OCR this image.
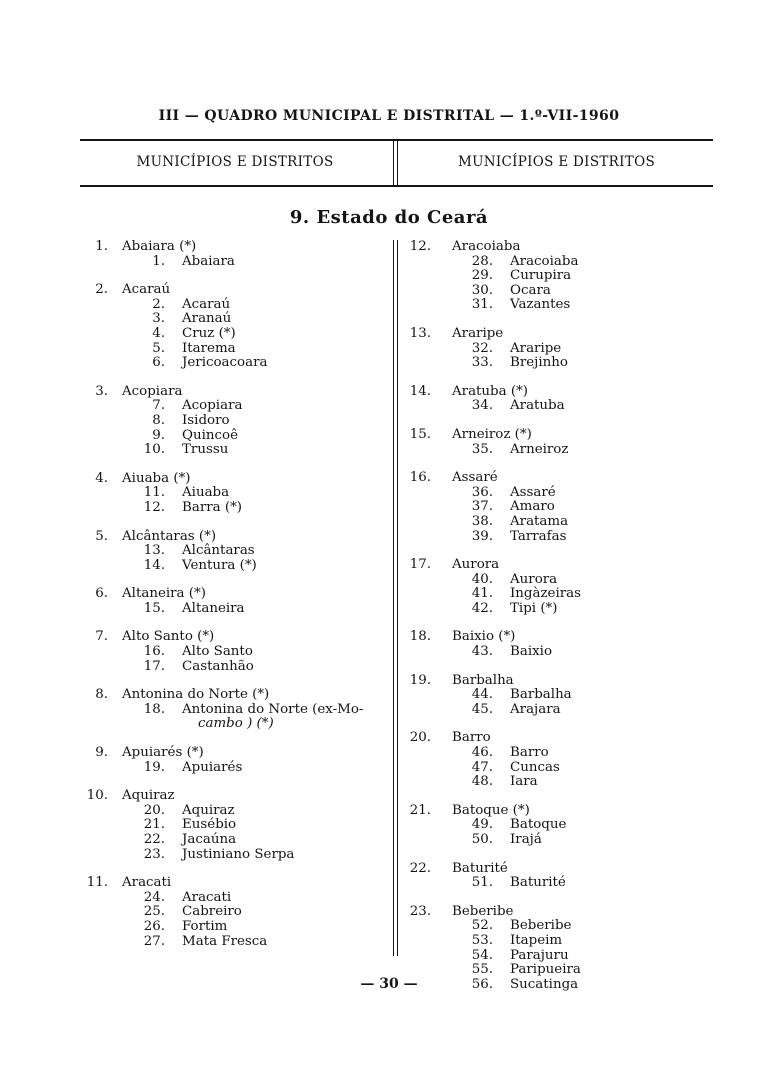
III — QUADRO MUNICIPAL E DISTRITAL — 1.º-VII-1960
MUNICÍPIOS E DISTRITOS	MUNICÍPIOS E DISTRITOS
9. Estado do Ceará
1. Abaiara (*)
1. Abaiara
2. Acaraú
2. Acaraú
3. Aranaú
4. Cruz (*)
5. Itarema
6. Jericoacoara
3. Acopiara
7. Acopiara
8. Isidoro
9. Quincoê
10. Trussu
4. Aiuaba (*)
11. Aiuaba
12. Barra (*)
5. Alcântaras (*)
13. Alcântaras
14. Ventura (*)
6. Altaneira (*)
15. Altaneira
7. Alto Santo (*)
16. Alto Santo
17. Castanhão
8. Antonina do Norte (*)
18. Antonina do Norte (ex-Mo-
cambo ) (*)
9. Apuiarés (*)
19. Apuiarés
10. Aquiraz
20. Aquiraz
21. Eusébio
22. Jacaúna
23. Justiniano Serpa
11. Aracati
24. Aracati
25. Cabreiro
26. Fortim
27. Mata Fresca
12. Aracoiaba
28. Aracoiaba
29. Curupira
30. Ocara
31. Vazantes
13. Araripe
32. Araripe
33. Brejinho
14. Aratuba (*)
34. Aratuba
15. Arneiroz (*)
35. Arneiroz
16. Assaré
36. Assaré
37. Amaro
38. Aratama
39. Tarrafas
17. Aurora
40. Aurora
41. Ingàzeiras
42. Tipi (*)
18. Baixio (*)
43. Baixio
19. Barbalha
44. Barbalha
45. Arajara
20. Barro
46. Barro
47. Cuncas
48. Iara
21. Batoque (*)
49. Batoque
50. Irajá
22. Baturité
51. Baturité
23. Beberibe
52. Beberibe
53. Itapeim
54. Parajuru
55. Paripueira
56. Sucatinga
— 30 —
